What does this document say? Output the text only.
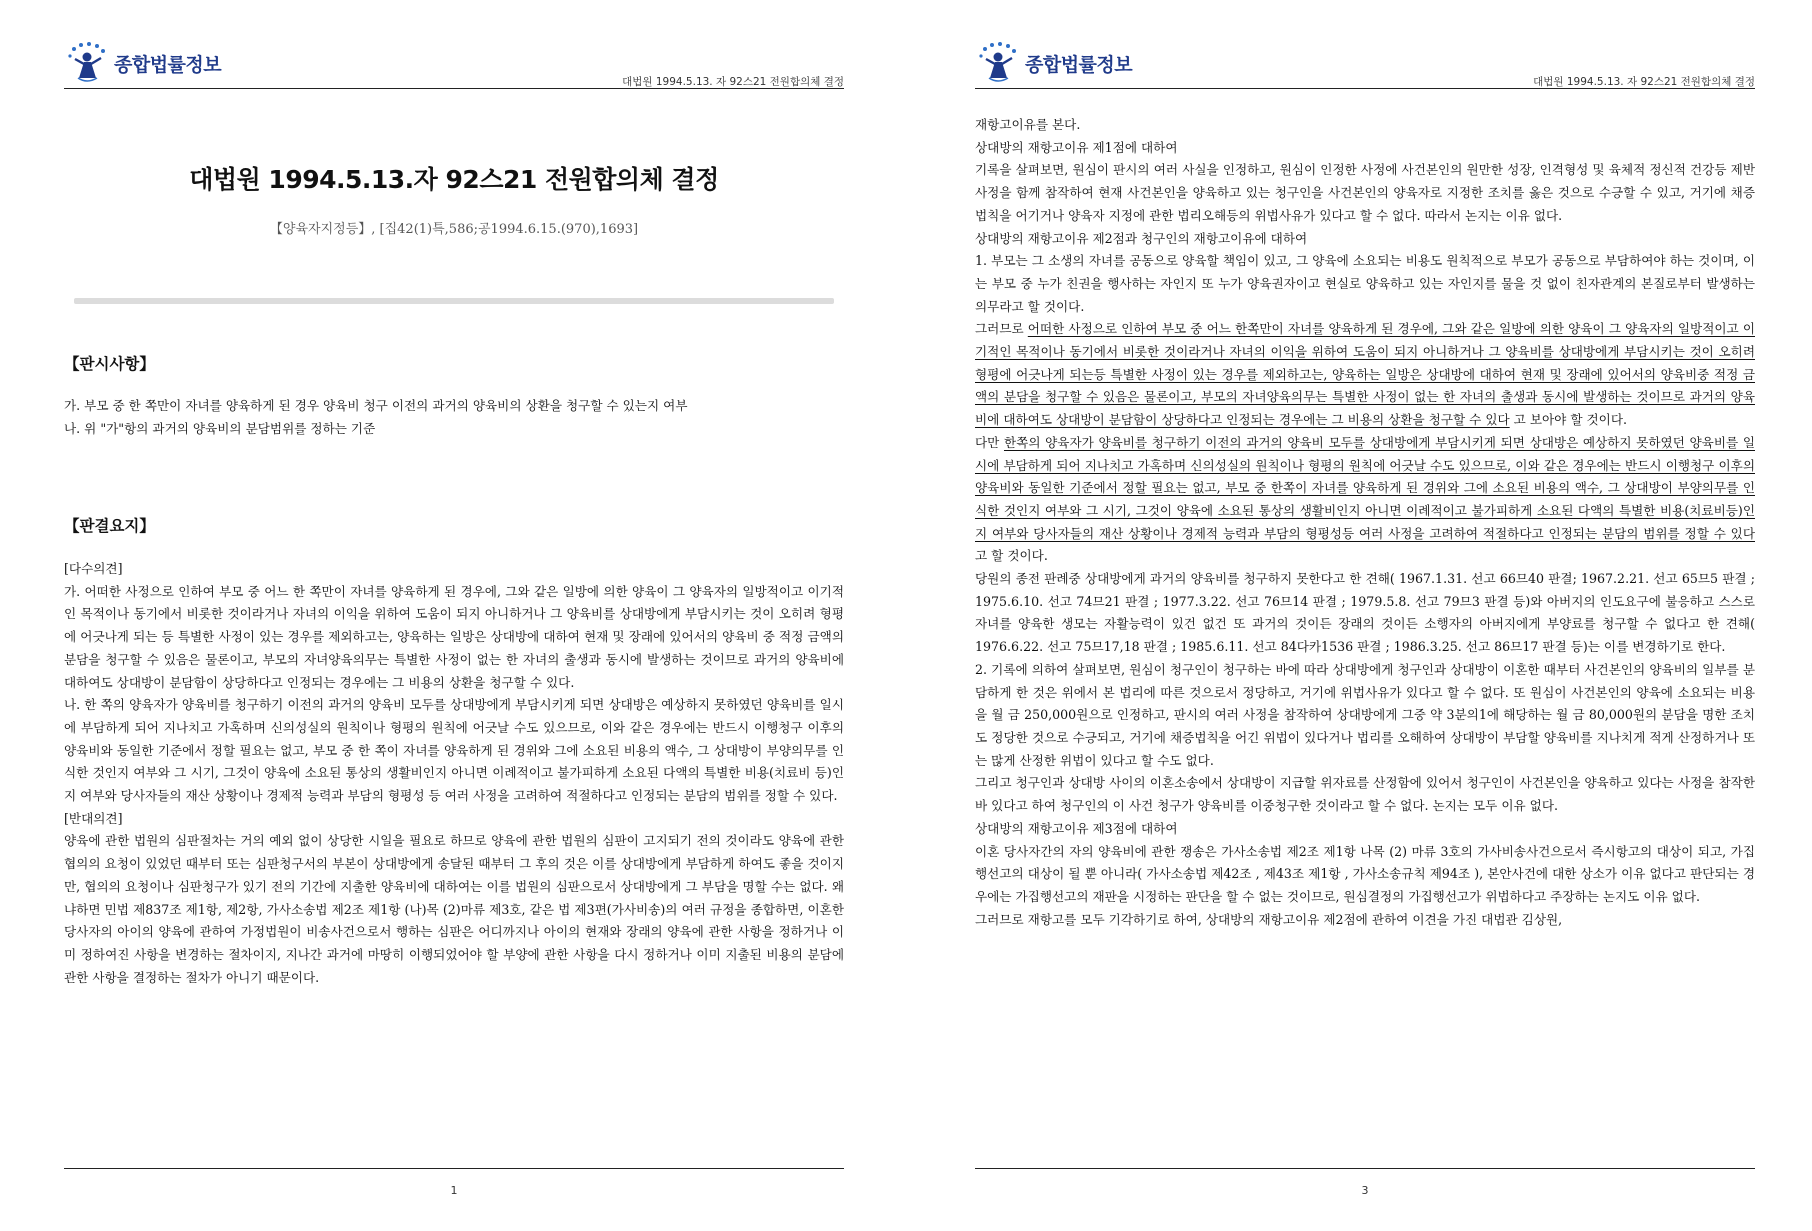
종합법률정보
대법원 1994.5.13. 자 92스21 전원합의체 결정
대법원 1994.5.13.자 92스21 전원합의체 결정
【양육자지정등】, [집42(1)특,586;공1994.6.15.(970),1693]
【판시사항】

가. 부모 중 한 쪽만이 자녀를 양육하게 된 경우 양육비 청구 이전의 과거의 양육비의 상환을 청구할 수 있는지 여부

나. 위 "가"항의 과거의 양육비의 분담범위를 정하는 기준

【판결요지】

[다수의견]

가. 어떠한 사정으로 인하여 부모 중 어느 한 쪽만이 자녀를 양육하게 된 경우에, 그와 같은 일방에 의한 양육이 그 양육자의 일방적이고 이기적인 목적이나 동기에서 비롯한 것이라거나 자녀의 이익을 위하여 도움이 되지 아니하거나 그 양육비를 상대방에게 부담시키는 것이 오히려 형평에 어긋나게 되는 등 특별한 사정이 있는 경우를 제외하고는, 양육하는 일방은 상대방에 대하여 현재 및 장래에 있어서의 양육비 중 적정 금액의 분담을 청구할 수 있음은 물론이고, 부모의 자녀양육의무는 특별한 사정이 없는 한 자녀의 출생과 동시에 발생하는 것이므로 과거의 양육비에 대하여도 상대방이 분담함이 상당하다고 인정되는 경우에는 그 비용의 상환을 청구할 수 있다.

나. 한 쪽의 양육자가 양육비를 청구하기 이전의 과거의 양육비 모두를 상대방에게 부담시키게 되면 상대방은 예상하지 못하였던 양육비를 일시에 부담하게 되어 지나치고 가혹하며 신의성실의 원칙이나 형평의 원칙에 어긋날 수도 있으므로, 이와 같은 경우에는 반드시 이행청구 이후의 양육비와 동일한 기준에서 정할 필요는 없고, 부모 중 한 쪽이 자녀를 양육하게 된 경위와 그에 소요된 비용의 액수, 그 상대방이 부양의무를 인식한 것인지 여부와 그 시기, 그것이 양육에 소요된 통상의 생활비인지 아니면 이례적이고 불가피하게 소요된 다액의 특별한 비용(치료비 등)인지 여부와 당사자들의 재산 상황이나 경제적 능력과 부담의 형평성 등 여러 사정을 고려하여 적절하다고 인정되는 분담의 범위를 정할 수 있다.

[반대의견]

양육에 관한 법원의 심판절차는 거의 예외 없이 상당한 시일을 필요로 하므로 양육에 관한 법원의 심판이 고지되기 전의 것이라도 양육에 관한 협의의 요청이 있었던 때부터 또는 심판청구서의 부본이 상대방에게 송달된 때부터 그 후의 것은 이를 상대방에게 부담하게 하여도 좋을 것이지만, 협의의 요청이나 심판청구가 있기 전의 기간에 지출한 양육비에 대하여는 이를 법원의 심판으로서 상대방에게 그 부담을 명할 수는 없다. 왜냐하면 민법 제837조 제1항, 제2항, 가사소송법 제2조 제1항 (나)목 (2)마류 제3호, 같은 법 제3편(가사비송)의 여러 규정을 종합하면, 이혼한 당사자의 아이의 양육에 관하여 가정법원이 비송사건으로서 행하는 심판은 어디까지나 아이의 현재와 장래의 양육에 관한 사항을 정하거나 이미 정하여진 사항을 변경하는 절차이지, 지나간 과거에 마땅히 이행되었어야 할 부양에 관한 사항을 다시 정하거나 이미 지출된 비용의 분담에 관한 사항을 결정하는 절차가 아니기 때문이다.

1
종합법률정보
대법원 1994.5.13. 자 92스21 전원합의체 결정

재항고이유를 본다.

상대방의 재항고이유 제1점에 대하여

기록을 살펴보면, 원심이 판시의 여러 사실을 인정하고, 원심이 인정한 사정에 사건본인의 원만한 성장, 인격형성 및 육체적 정신적 건강등 제반사정을 함께 참작하여 현재 사건본인을 양육하고 있는 청구인을 사건본인의 양육자로 지정한 조치를 옳은 것으로 수긍할 수 있고, 거기에 채증법칙을 어기거나 양육자 지정에 관한 법리오해등의 위법사유가 있다고 할 수 없다. 따라서 논지는 이유 없다.

상대방의 재항고이유 제2점과 청구인의 재항고이유에 대하여

1. 부모는 그 소생의 자녀를 공동으로 양육할 책임이 있고, 그 양육에 소요되는 비용도 원칙적으로 부모가 공동으로 부담하여야 하는 것이며, 이는 부모 중 누가 친권을 행사하는 자인지 또 누가 양육권자이고 현실로 양육하고 있는 자인지를 물을 것 없이 친자관계의 본질로부터 발생하는 의무라고 할 것이다.

그러므로 어떠한 사정으로 인하여 부모 중 어느 한쪽만이 자녀를 양육하게 된 경우에, 그와 같은 일방에 의한 양육이 그 양육자의 일방적이고 이기적인 목적이나 동기에서 비롯한 것이라거나 자녀의 이익을 위하여 도움이 되지 아니하거나 그 양육비를 상대방에게 부담시키는 것이 오히려 형평에 어긋나게 되는등 특별한 사정이 있는 경우를 제외하고는, 양육하는 일방은 상대방에 대하여 현재 및 장래에 있어서의 양육비중 적정 금액의 분담을 청구할 수 있음은 물론이고, 부모의 자녀양육의무는 특별한 사정이 없는 한 자녀의 출생과 동시에 발생하는 것이므로 과거의 양육비에 대하여도 상대방이 분담함이 상당하다고 인정되는 경우에는 그 비용의 상환을 청구할 수 있다 고 보아야 할 것이다.

다만 한쪽의 양육자가 양육비를 청구하기 이전의 과거의 양육비 모두를 상대방에게 부담시키게 되면 상대방은 예상하지 못하였던 양육비를 일시에 부담하게 되어 지나치고 가혹하며 신의성실의 원칙이나 형평의 원칙에 어긋날 수도 있으므로, 이와 같은 경우에는 반드시 이행청구 이후의 양육비와 동일한 기준에서 정할 필요는 없고, 부모 중 한쪽이 자녀를 양육하게 된 경위와 그에 소요된 비용의 액수, 그 상대방이 부양의무를 인식한 것인지 여부와 그 시기, 그것이 양육에 소요된 통상의 생활비인지 아니면 이례적이고 불가피하게 소요된 다액의 특별한 비용(치료비등)인지 여부와 당사자들의 재산 상황이나 경제적 능력과 부담의 형평성등 여러 사정을 고려하여 적절하다고 인정되는 분담의 범위를 정할 수 있다 고 할 것이다.

당원의 종전 판례중 상대방에게 과거의 양육비를 청구하지 못한다고 한 견해( 1967.1.31. 선고 66므40 판결; 1967.2.21. 선고 65므5 판결 ; 1975.6.10. 선고 74므21 판결 ; 1977.3.22. 선고 76므14 판결 ; 1979.5.8. 선고 79므3 판결 등)와 아버지의 인도요구에 불응하고 스스로 자녀를 양육한 생모는 자활능력이 있건 없건 또 과거의 것이든 장래의 것이든 소행자의 아버지에게 부양료를 청구할 수 없다고 한 견해( 1976.6.22. 선고 75므17,18 판결 ; 1985.6.11. 선고 84다카1536 판결 ; 1986.3.25. 선고 86므17 판결 등)는 이를 변경하기로 한다.

2. 기록에 의하여 살펴보면, 원심이 청구인이 청구하는 바에 따라 상대방에게 청구인과 상대방이 이혼한 때부터 사건본인의 양육비의 일부를 분담하게 한 것은 위에서 본 법리에 따른 것으로서 정당하고, 거기에 위법사유가 있다고 할 수 없다. 또 원심이 사건본인의 양육에 소요되는 비용을 월 금 250,000원으로 인정하고, 판시의 여러 사정을 참작하여 상대방에게 그중 약 3분의1에 해당하는 월 금 80,000원의 분담을 명한 조치도 정당한 것으로 수긍되고, 거기에 채증법칙을 어긴 위법이 있다거나 법리를 오해하여 상대방이 부담할 양육비를 지나치게 적게 산정하거나 또는 많게 산정한 위법이 있다고 할 수도 없다.

그리고 청구인과 상대방 사이의 이혼소송에서 상대방이 지급할 위자료를 산정함에 있어서 청구인이 사건본인을 양육하고 있다는 사정을 참작한 바 있다고 하여 청구인의 이 사건 청구가 양육비를 이중청구한 것이라고 할 수 없다. 논지는 모두 이유 없다.

상대방의 재항고이유 제3점에 대하여

이혼 당사자간의 자의 양육비에 관한 쟁송은 가사소송법 제2조 제1항 나목 (2) 마류 3호의 가사비송사건으로서 즉시항고의 대상이 되고, 가집행선고의 대상이 될 뿐 아니라( 가사소송법 제42조 , 제43조 제1항 , 가사소송규칙 제94조 ), 본안사건에 대한 상소가 이유 없다고 판단되는 경우에는 가집행선고의 재판을 시정하는 판단을 할 수 없는 것이므로, 원심결정의 가집행선고가 위법하다고 주장하는 논지도 이유 없다.

그러므로 재항고를 모두 기각하기로 하여, 상대방의 재항고이유 제2점에 관하여 이견을 가진 대법관 김상원,

3
